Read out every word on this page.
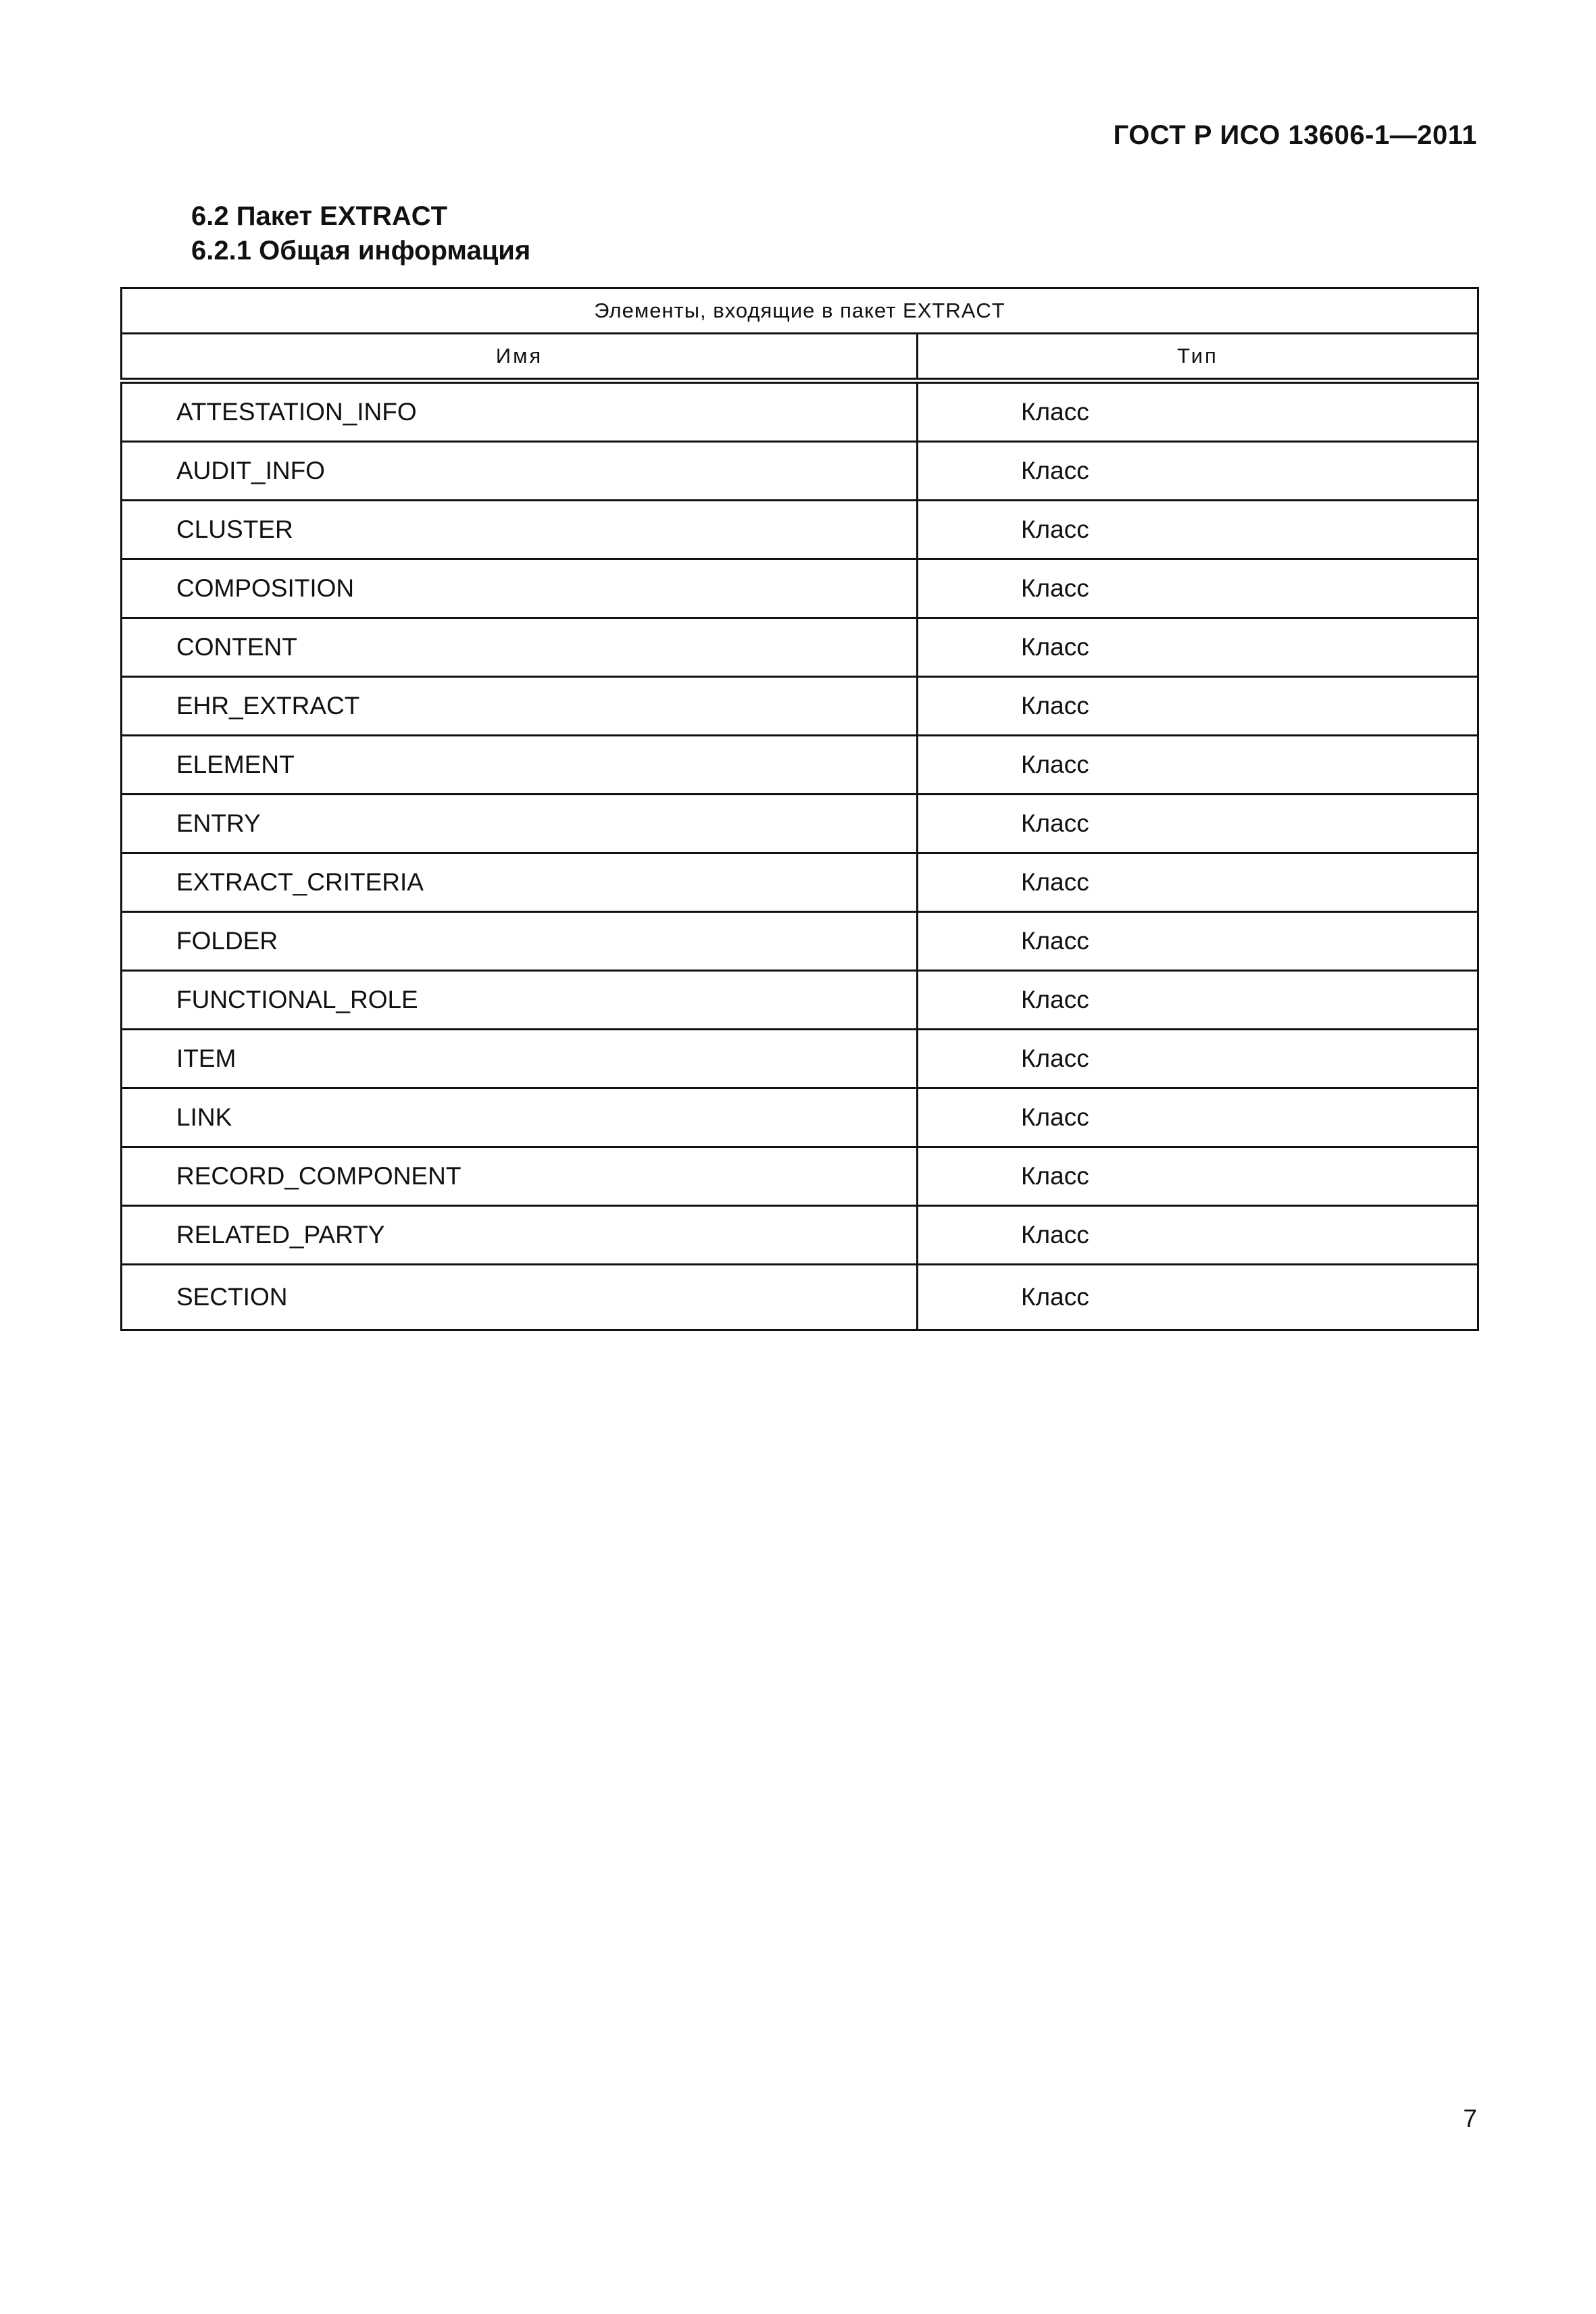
ГОСТ Р ИСО 13606-1—2011
6.2 Пакет EXTRACT
6.2.1 Общая информация
Элементы, входящие в пакет EXTRACT	
Имя	Тип
ATTESTATION_INFO	Класс
AUDIT_INFO	Класс
CLUSTER	Класс
COMPOSITION	Класс
CONTENT	Класс
EHR_EXTRACT	Класс
ELEMENT	Класс
ENTRY	Класс
EXTRACT_CRITERIA	Класс
FOLDER	Класс
FUNCTIONAL_ROLE	Класс
ITEM	Класс
LINK	Класс
RECORD_COMPONENT	Класс
RELATED_PARTY	Класс
SECTION	Класс
7
